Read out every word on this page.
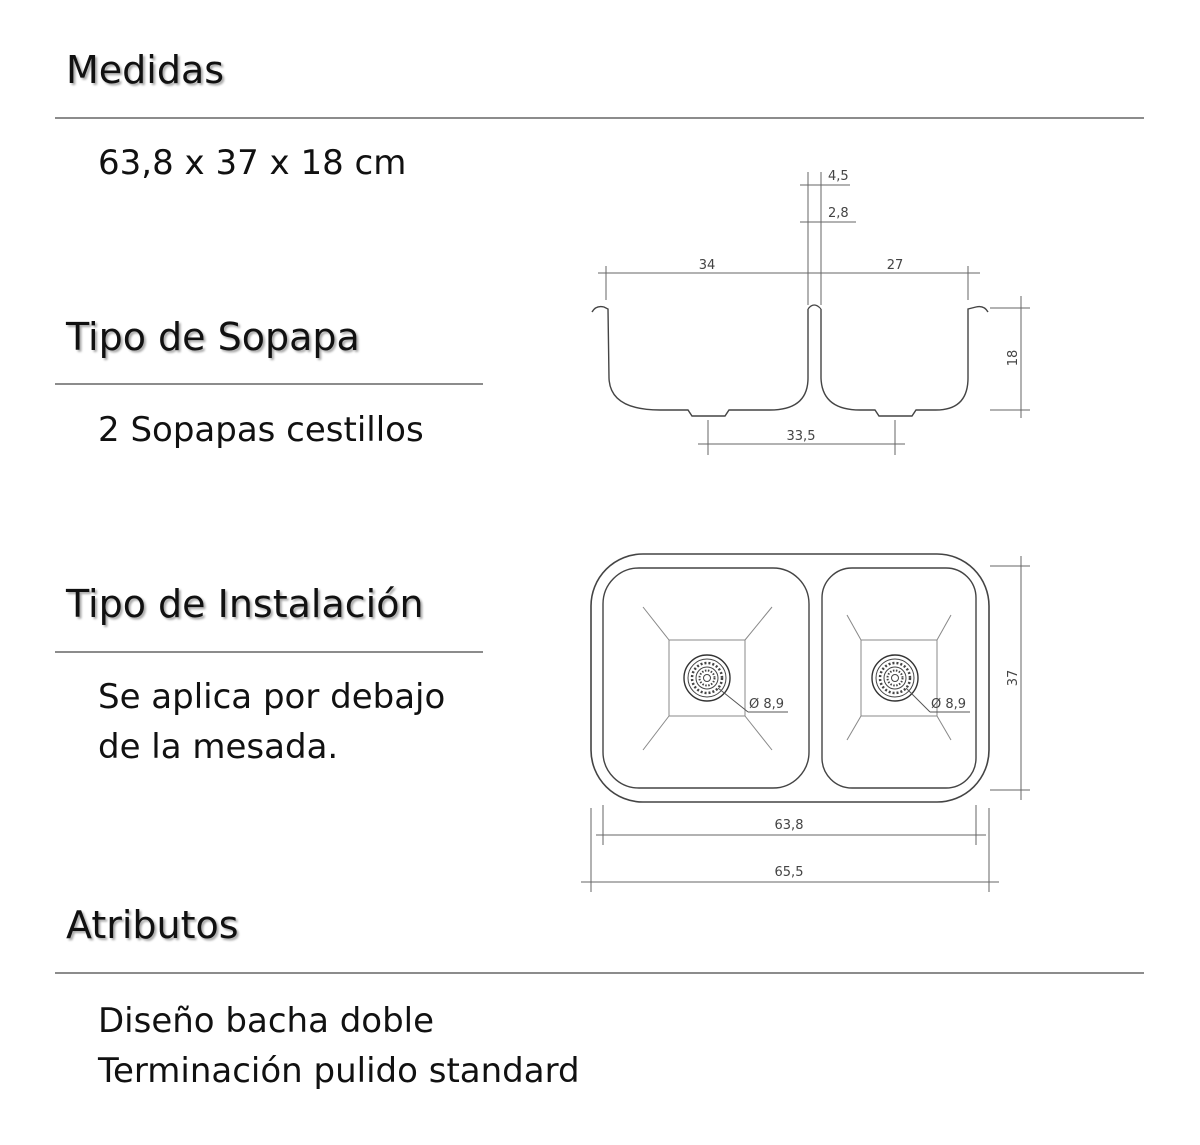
Medidas

63,8 x 37 x 18 cm

Tipo de Sopapa

2 Sopapas cestillos

Tipo de Instalación

Se aplica por debajo
de la mesada.

Atributos

Diseño bacha doble
Terminación pulido standard

4,5
2,8
34	27
18
33,5
37
63,8
65,5
Ø 8,9	Ø 8,9
